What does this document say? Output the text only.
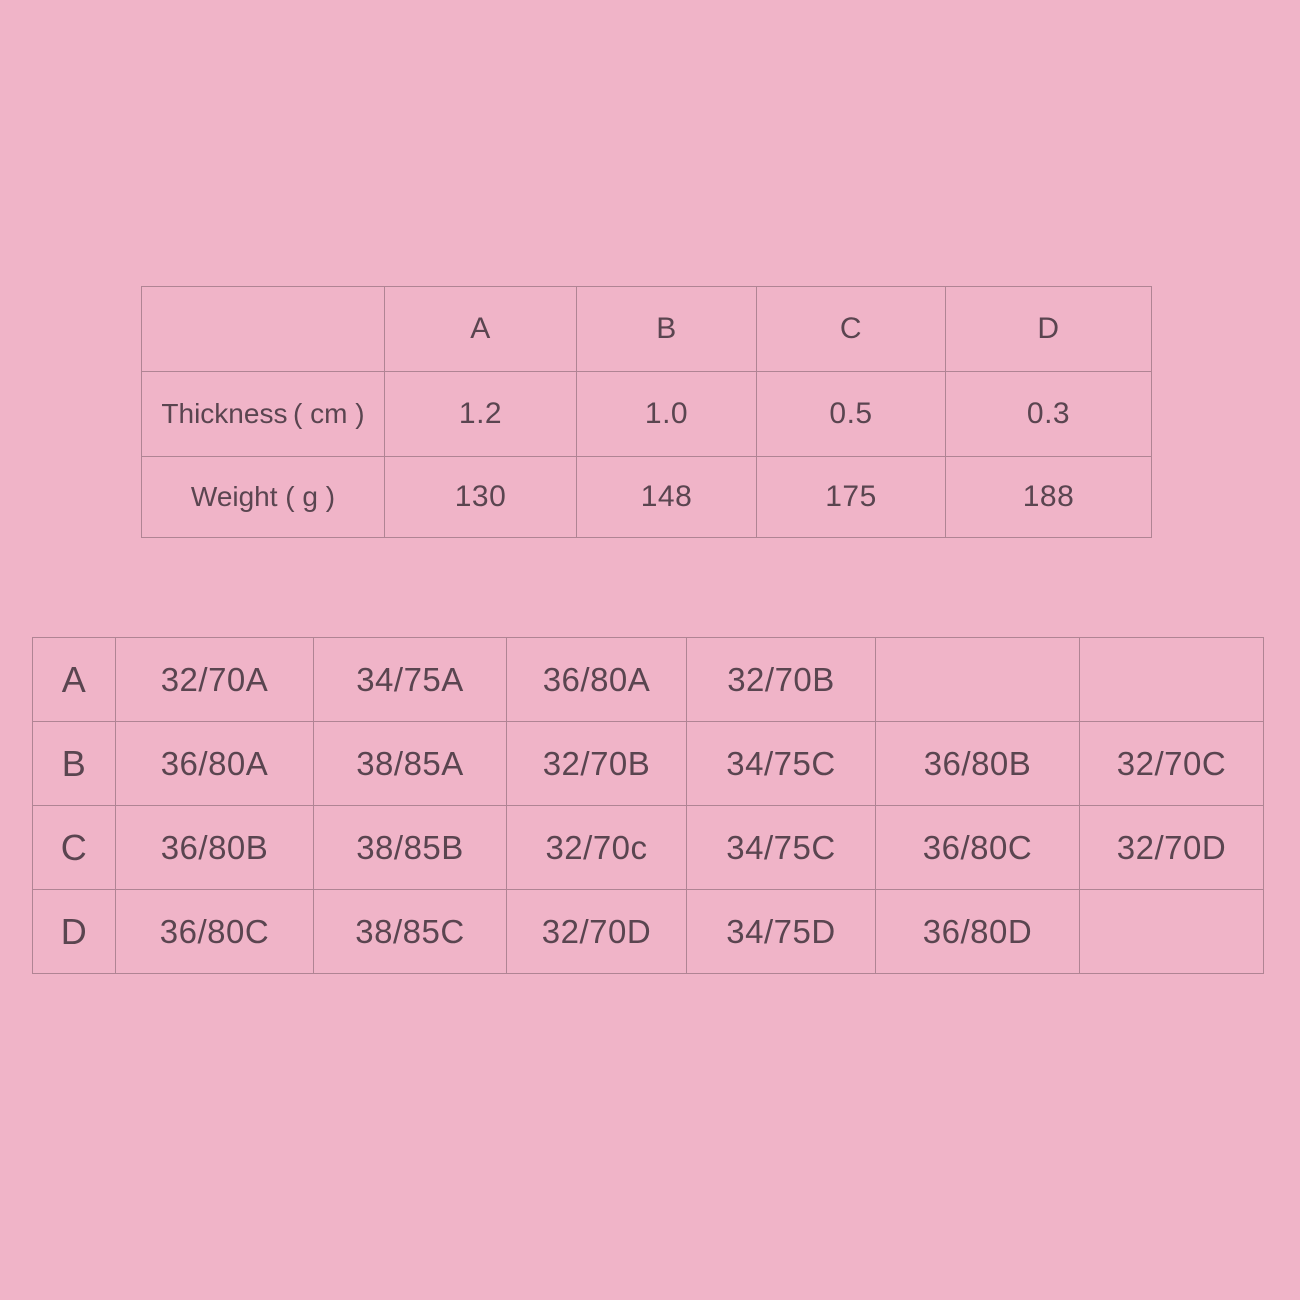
	A	B	C	D
Thickness ( cm )	1.2	1.0	0.5	0.3
Weight ( g )	130	148	175	188
A	32/70A	34/75A	36/80A	32/70B		
B	36/80A	38/85A	32/70B	34/75C	36/80B	32/70C
C	36/80B	38/85B	32/70c	34/75C	36/80C	32/70D
D	36/80C	38/85C	32/70D	34/75D	36/80D	
